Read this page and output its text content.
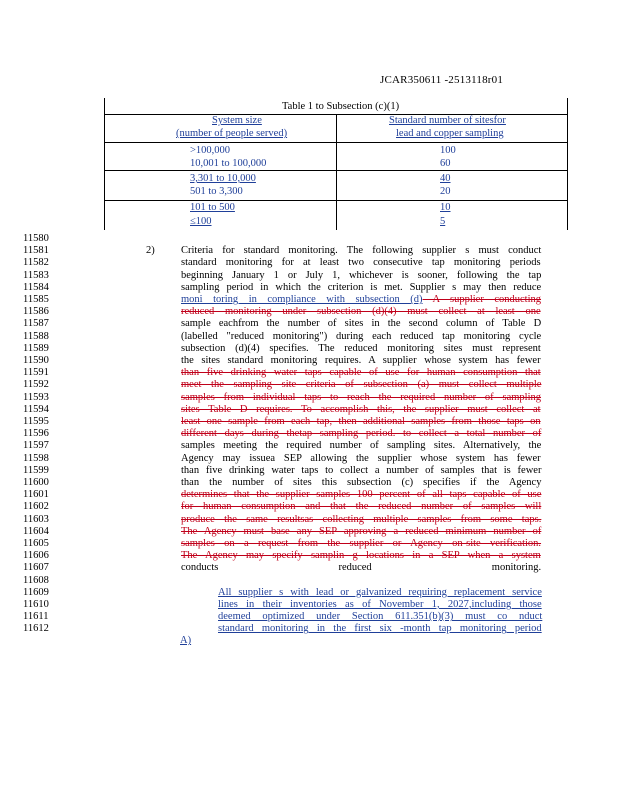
JCAR350611 -2513118r01
Table 1 to Subsection (c)(1)
System size
(number of people served)
Standard number of sitesfor
lead and copper sampling
>100,000	100
10,001 to 100,000	60
3,301 to 10,000	40
501 to 3,300	20
101 to 500	10
≤100	5
11580
11581
11582
11583
11584
11585
11586
11587
11588
11589
11590
11591
11592
11593
11594
11595
11596
11597
11598
11599
11600
11601
11602
11603
11604
11605
11606
11607
11608
11609
11610
11611
11612
2)	Criteria for standard monitoring. The following supplier s must conduct
standard monitoring for at least two consecutive tap monitoring periods
beginning January 1 or July 1, whichever is sooner, following the tap
sampling period in which the criterion is met. Supplier s may then reduce
moni toring in compliance with subsection (d) A supplier conducting
reduced monitoring under subsection (d)(4) must collect at least one
sample eachfrom the number of sites in the second column of Table D
(labelled "reduced monitoring") during each reduced tap monitoring cycle
subsection (d)(4) specifies. The reduced monitoring sites must represent
the sites standard monitoring requires. A supplier whose system has fewer
than five drinking water taps capable of use for human consumption that
meet the sampling site criteria of subsection (a) must collect multiple
samples from individual taps to reach the required number of sampling
sites Table D requires. To accomplish this, the supplier must collect at
least one sample from each tap, then additional samples from those taps on
different days during thetap sampling period. to collect a total number of
samples meeting the required number of sampling sites. Alternatively, the
Agency may issuea SEP allowing the supplier whose system has fewer
than five drinking water taps to collect a number of samples that is fewer
than the number of sites this subsection (c) specifies if the Agency
determines that the supplier samples 100 percent of all taps capable of use
for human consumption and that the reduced number of samples will
produce the same resultsas collecting multiple samples from some taps.
The Agency must base any SEP approving a reduced minimum number of
samples on a request from the supplier or Agency on-site verification.
The Agency may specify samplin g locations in a SEP when a system
conducts reduced monitoring.
A)
All supplier s with lead or galvanized requiring replacement service
lines in their inventories as of November 1, 2027,including those
deemed optimized under Section 611.351(b)(3) must co nduct
standard monitoring in the first six -month tap monitoring period
